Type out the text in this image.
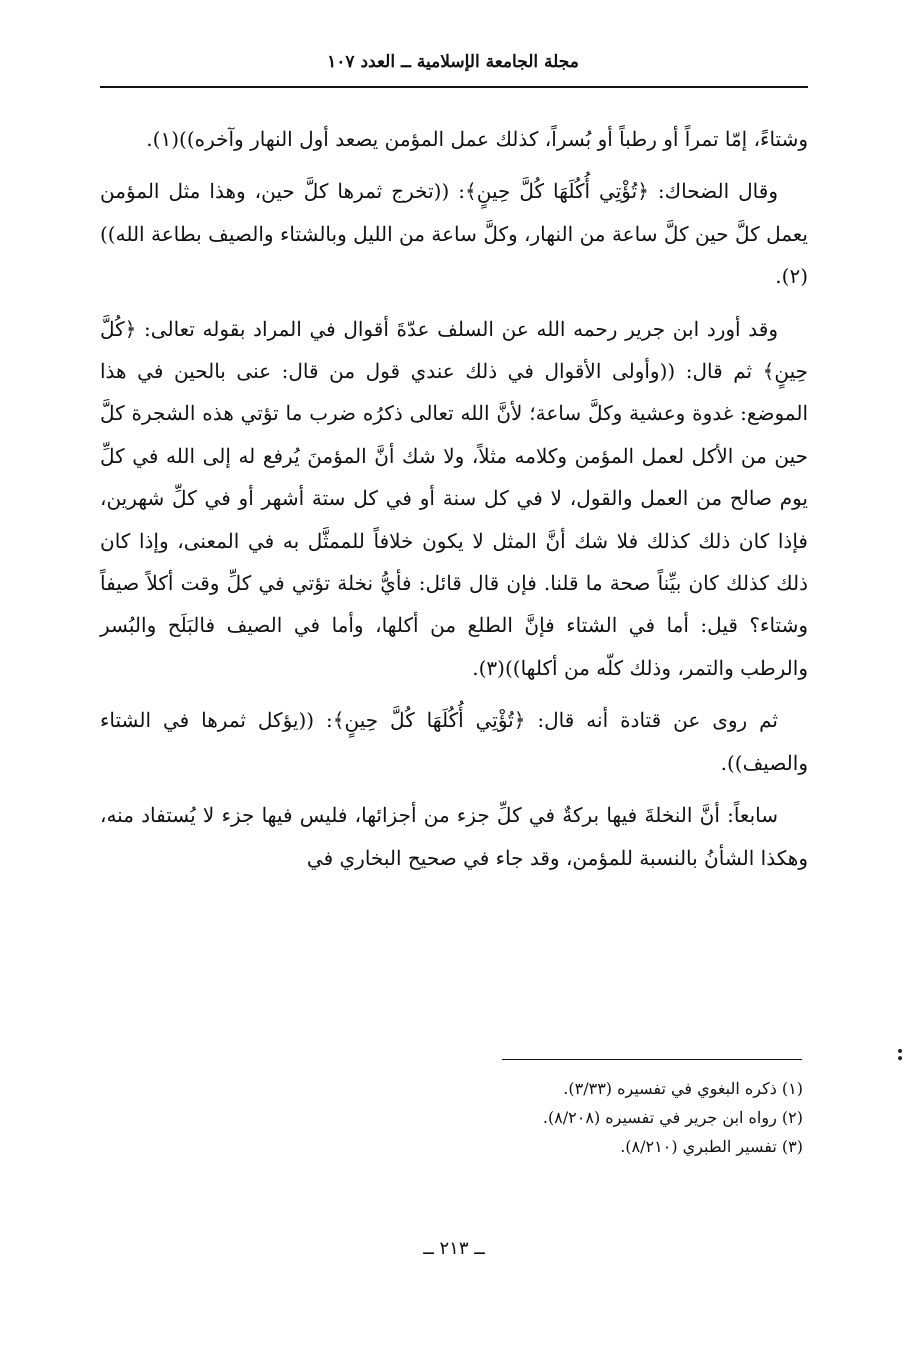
مجلة الجامعة الإسلامية ــ العدد ١٠٧

وشتاءً، إمّا تمراً أو رطباً أو بُسراً، كذلك عمل المؤمن يصعد أول النهار وآخره))(١).

وقال الضحاك: ﴿تُؤْتِي أُكُلَهَا كُلَّ حِينٍ﴾: ((تخرج ثمرها كلَّ حين، وهذا مثل المؤمن يعمل كلَّ حين كلَّ ساعة من النهار، وكلَّ ساعة من الليل وبالشتاء والصيف بطاعة الله))(٢).

وقد أورد ابن جرير رحمه الله عن السلف عدّةَ أقوال في المراد بقوله تعالى: ﴿كُلَّ حِينٍ﴾ ثم قال: ((وأولى الأقوال في ذلك عندي قول من قال: عنى بالحين في هذا الموضع: غدوة وعشية وكلَّ ساعة؛ لأنَّ الله تعالى ذكرُه ضرب ما تؤتي هذه الشجرة كلَّ حين من الأكل لعمل المؤمن وكلامه مثلاً، ولا شك أنَّ المؤمنَ يُرفع له إلى الله في كلِّ يوم صالح من العمل والقول، لا في كل سنة أو في كل ستة أشهر أو في كلِّ شهرين، فإذا كان ذلك كذلك فلا شك أنَّ المثل لا يكون خلافاً للممثَّل به في المعنى، وإذا كان ذلك كذلك كان بيِّناً صحة ما قلنا. فإن قال قائل: فأيُّ نخلة تؤتي في كلِّ وقت أكلاً صيفاً وشتاء؟ قيل: أما في الشتاء فإنَّ الطلع من أكلها، وأما في الصيف فالبَلَح والبُسر والرطب والتمر، وذلك كلّه من أكلها))(٣).

ثم روى عن قتادة أنه قال: ﴿تُؤْتِي أُكُلَهَا كُلَّ حِينٍ﴾: ((يؤكل ثمرها في الشتاء والصيف)).

سابعاً: أنَّ النخلةَ فيها بركةٌ في كلِّ جزء من أجزائها، فليس فيها جزء لا يُستفاد منه، وهكذا الشأنُ بالنسبة للمؤمن، وقد جاء في صحيح البخاري في

(١) ذكره البغوي في تفسيره (٣/٣٣).
(٢) رواه ابن جرير في تفسيره (٨/٢٠٨).
(٣) تفسير الطبري (٨/٢١٠).
ــ ٢١٣ ــ
:
